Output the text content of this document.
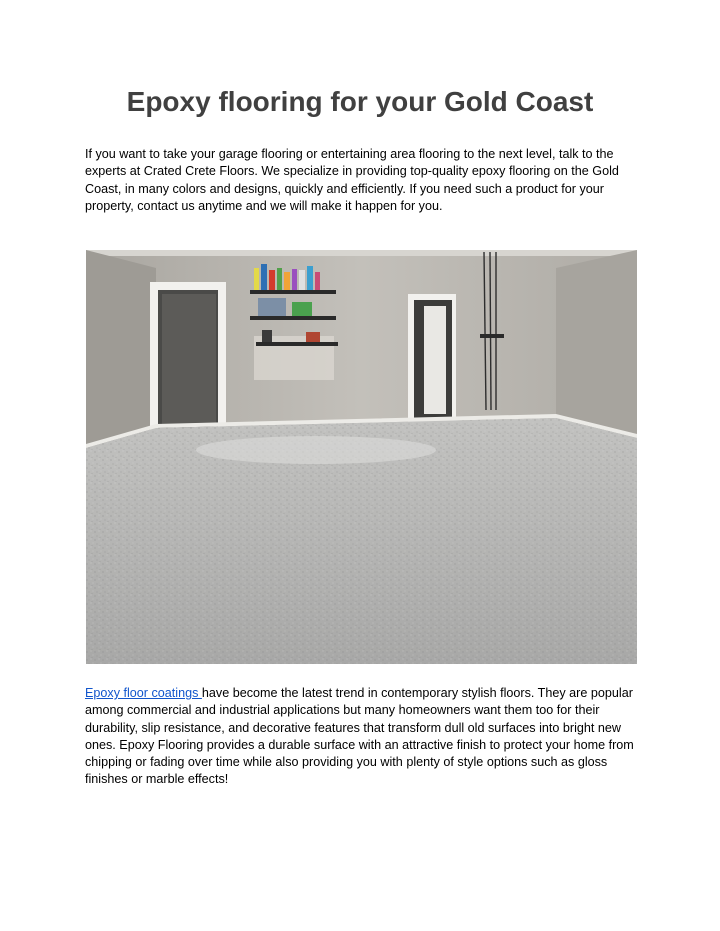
Epoxy flooring for your Gold Coast

If you want to take your garage flooring or entertaining area flooring to the next level, talk to the experts at Crated Crete Floors. We specialize in providing top-quality epoxy flooring on the Gold Coast, in many colors and designs, quickly and efficiently. If you need such a product for your property, contact us anytime and we will make it happen for you.

Epoxy floor coatings have become the latest trend in contemporary stylish floors. They are popular among commercial and industrial applications but many homeowners want them too for their durability, slip resistance, and decorative features that transform dull old surfaces into bright new ones. Epoxy Flooring provides a durable surface with an attractive finish to protect your home from chipping or fading over time while also providing you with plenty of style options such as gloss finishes or marble effects!
